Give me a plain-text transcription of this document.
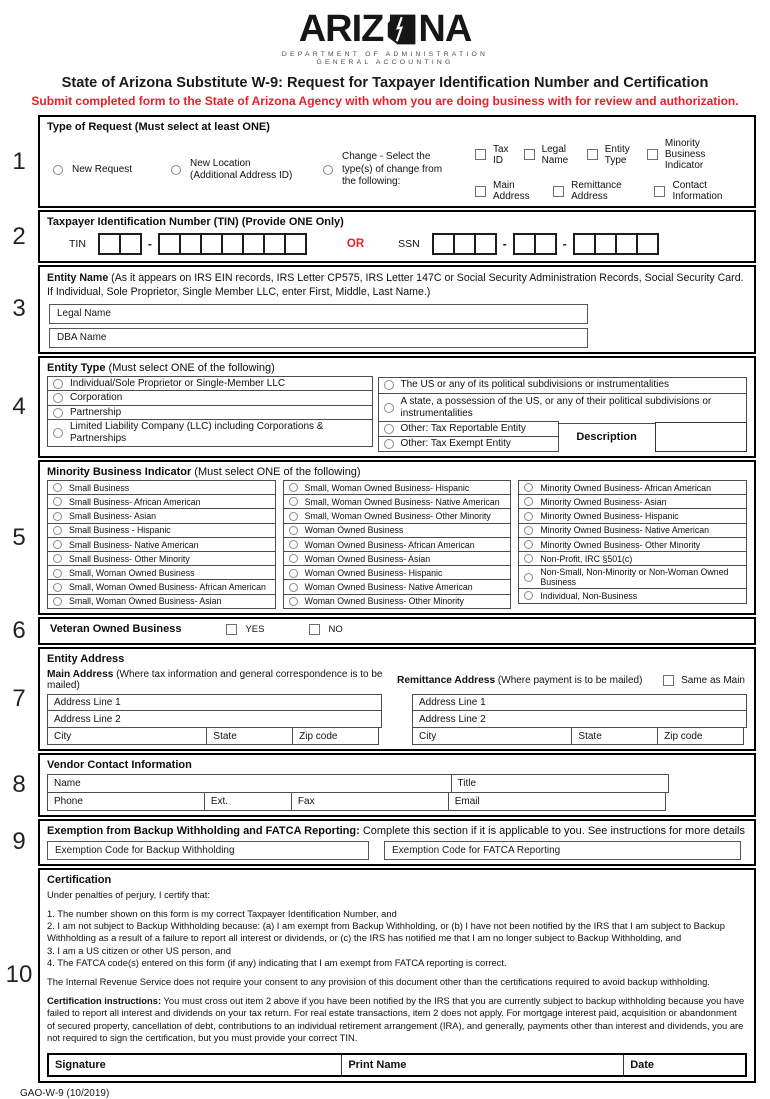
ARIZ NA
DEPARTMENT OF ADMINISTRATION
GENERAL ACCOUNTING
State of Arizona Substitute W-9: Request for Taxpayer Identification Number and Certification
Submit completed form to the State of Arizona Agency with whom you are doing business with for review and authorization.
1
Type of Request (Must select at least ONE)
New Request
New Location (Additional Address ID)
Change - Select the type(s) of change from the following:
Tax ID
Legal Name
Entity Type
Minority Business Indicator
Main Address
Remittance Address
Contact Information
2
Taxpayer Identification Number (TIN) (Provide ONE Only)
TIN	-	OR	SSN	-	-
3

Entity Name (As it appears on IRS EIN records, IRS Letter CP575, IRS Letter 147C or Social Security Administration Records, Social Security Card. If Individual, Sole Proprietor, Single Member LLC, enter First, Middle, Last Name.)

Legal Name
DBA Name
4
Entity Type (Must select ONE of the following)
Individual/Sole Proprietor or Single-Member LLC
Corporation
Partnership
Limited Liability Company (LLC) including Corporations & Partnerships
The US or any of its political subdivisions or instrumentalities
A state, a possession of the US, or any of their political subdivisions or instrumentalities
Other: Tax Reportable Entity
Other: Tax Exempt Entity
Description
5
Minority Business Indicator (Must select ONE of the following)
Small Business
Small Business- African American
Small Business- Asian
Small Business - Hispanic
Small Business- Native American
Small Business- Other Minority
Small, Woman Owned Business
Small, Woman Owned Business- African American
Small, Woman Owned Business- Asian
Small, Woman Owned Business- Hispanic
Small, Woman Owned Business- Native American
Small, Woman Owned Business- Other Minority
Woman Owned Business
Woman Owned Business- African American
Woman Owned Business- Asian
Woman Owned Business- Hispanic
Woman Owned Business- Native American
Woman Owned Business- Other Minority
Minority Owned Business- African American
Minority Owned Business- Asian
Minority Owned Business- Hispanic
Minority Owned Business- Native American
Minority Owned Business- Other Minority
Non-Profit, IRC §501(c)
Non-Small, Non-Minority or Non-Woman Owned Business
Individual, Non-Business
6	Veteran Owned Business	YES	NO
7
Entity Address
Main Address (Where tax information and general correspondence is to be mailed)	Remittance Address (Where payment is to be mailed)	Same as Main
Address Line 1
Address Line 2
City	State	Zip code
Address Line 1
Address Line 2
City	State	Zip code
8
Vendor Contact Information
Name	Title
Phone	Ext.	Fax	Email
9	Exemption from Backup Withholding and FATCA Reporting: Complete this section if it is applicable to you. See instructions for more details
Exemption Code for Backup Withholding	Exemption Code for FATCA Reporting
10
Certification

Under penalties of perjury, I certify that:

1. The number shown on this form is my correct Taxpayer Identification Number, and

2. I am not subject to Backup Withholding because: (a) I am exempt from Backup Withholding, or (b) I have not been notified by the IRS that I am subject to Backup Withholding as a result of a failure to report all interest or dividends, or (c) the IRS has notified me that I am no longer subject to Backup Withholding, and

3. I am a US citizen or other US person, and

4. The FATCA code(s) entered on this form (if any) indicating that I am exempt from FATCA reporting is correct.

The Internal Revenue Service does not require your consent to any provision of this document other than the certifications required to avoid backup withholding.

Certification instructions: You must cross out item 2 above if you have been notified by the IRS that you are currently subject to backup withholding because you have failed to report all interest and dividends on your tax return. For real estate transactions, item 2 does not apply. For mortgage interest paid, acquisition or abandonment of secured property, cancellation of debt, contributions to an individual retirement arrangement (IRA), and generally, payments other than interest and dividends, you are not required to sign the certification, but you must provide your correct TIN.

Signature	Print Name	Date
GAO-W-9 (10/2019)
